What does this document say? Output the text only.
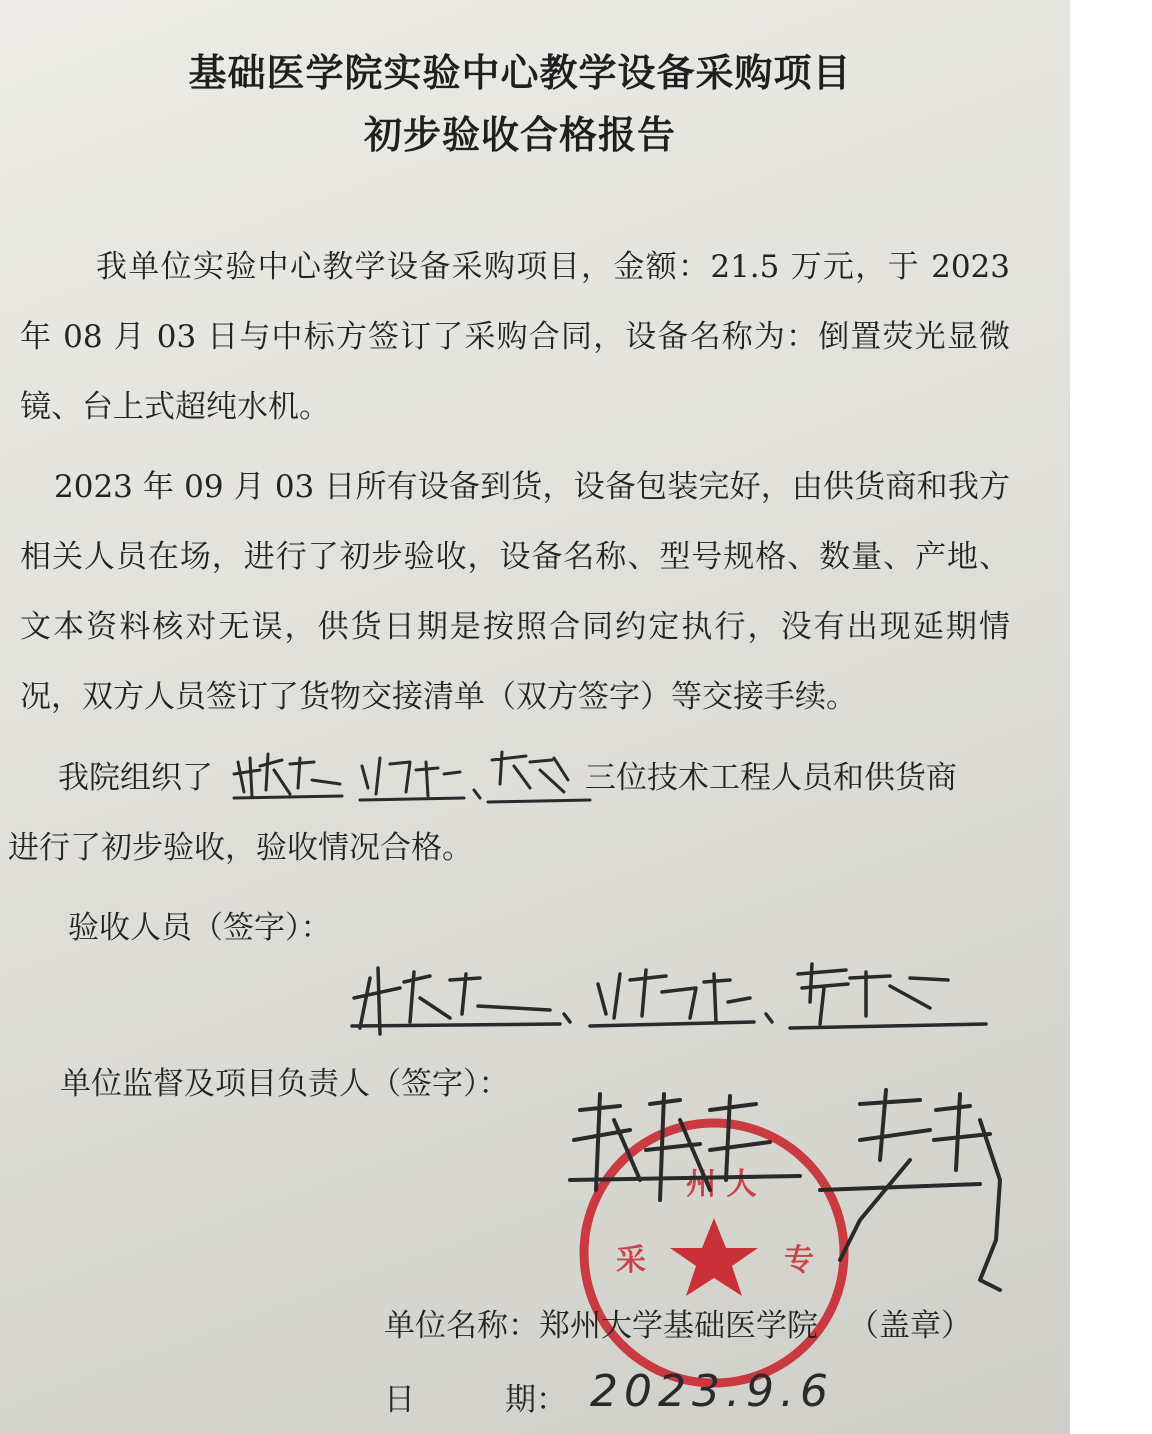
基础医学院实验中心教学设备采购项目
初步验收合格报告
我单位实验中心教学设备采购项目，金额：21.5 万元，于 2023 年 08 月 03 日与中标方签订了采购合同，设备名称为：倒置荧光显微镜、台上式超纯水机。
2023 年 09 月 03 日所有设备到货，设备包装完好，由供货商和我方相关人员在场，进行了初步验收，设备名称、型号规格、数量、产地、文本资料核对无误，供货日期是按照合同约定执行，没有出现延期情况，双方人员签订了货物交接清单（双方签字）等交接手续。
我院组织了	三位技术工程人员和供货商
进行了初步验收，验收情况合格。
验收人员（签字）：
单位监督及项目负责人（签字）：
采	专
州 大
单位名称：郑州大学基础医学院 （盖章）
日	期： 2023.9.6
